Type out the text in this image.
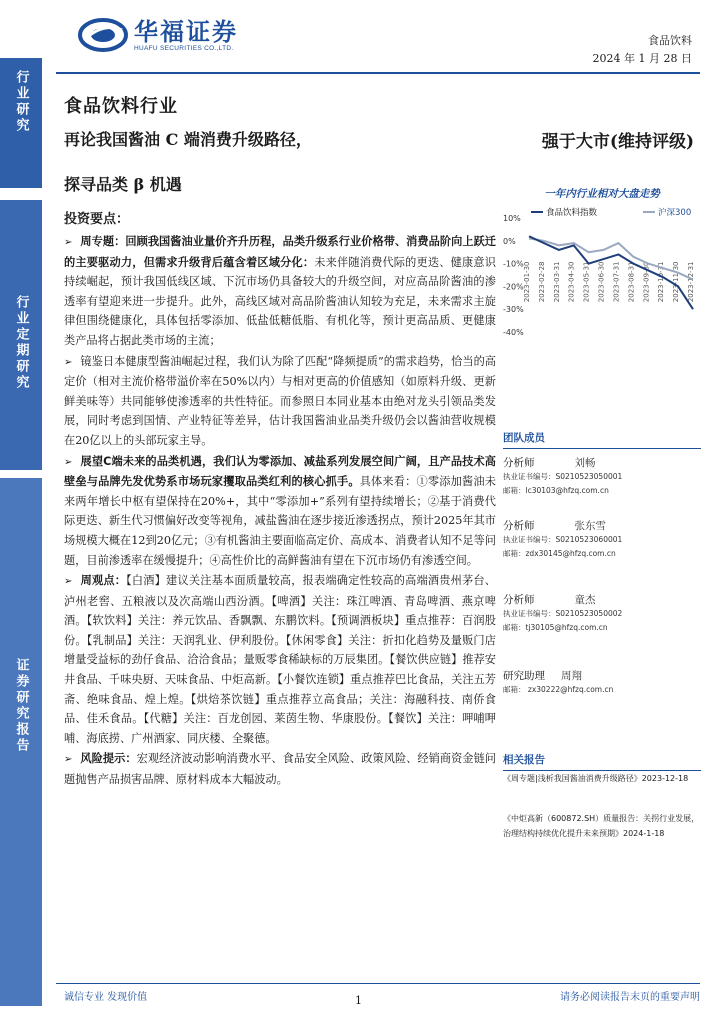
行业研究
行业定期研究
证券研究报告
华福证券
HUAFU SECURITIES CO.,LTD.
食品饮料
2024 年 1 月 28 日
食品饮料行业
再论我国酱油 C 端消费升级路径，
探寻品类 β 机遇
强于大市(维持评级)
投资要点：

➢ 周专题：回顾我国酱油业量价齐升历程，品类升级系行业价格带、消费品阶向上跃迁的主要驱动力，但需求升级背后蕴含着区域分化：未来伴随消费代际的更迭、健康意识持续崛起，预计我国低线区域、下沉市场仍具备较大的升级空间，对应高品阶酱油的渗透率有望迎来进一步提升。此外，高线区域对高品阶酱油认知较为充足，未来需求主旋律但围绕健康化，具体包括零添加、低盐低糖低脂、有机化等，预计更高品质、更健康类产品将占据此类市场的主流；

➢ 镜鉴日本健康型酱油崛起过程，我们认为除了匹配“降频提质”的需求趋势，恰当的高定价（相对主流价格带溢价率在50%以内）与相对更高的价值感知（如原料升级、更新鲜美味等）共同能够使渗透率的共性特征。而参照日本同业基本由绝对龙头引领品类发展，同时考虑到国情、产业特征等差异，估计我国酱油业品类升级仍会以酱油营收规模在20亿以上的头部玩家主导。

➢ 展望C端未来的品类机遇，我们认为零添加、减盐系列发展空间广阔，且产品技术高壁垒与品牌先发优势系市场玩家攫取品类红利的核心抓手。具体来看：①零添加酱油未来两年增长中枢有望保持在20%+，其中“零添加+”系列有望持续增长；②基于消费代际更迭、新生代习惯偏好改变等视角，减盐酱油在逐步接近渗透拐点，预计2025年其市场规模大概在12到20亿元；③有机酱油主要面临高定价、高成本、消费者认知不足等问题，目前渗透率在缓慢提升；④高性价比的高鲜酱油有望在下沉市场仍有渗透空间。

➢ 周观点：【白酒】建议关注基本面质量较高，报表端确定性较高的高端酒贵州茅台、泸州老窖、五粮液以及次高端山西汾酒。【啤酒】关注：珠江啤酒、青岛啤酒、燕京啤酒。【软饮料】关注：养元饮品、香飘飘、东鹏饮料。【预调酒板块】重点推荐：百润股份。【乳制品】关注：天润乳业、伊利股份。【休闲零食】关注：折扣化趋势及量贩门店增量受益标的劲仔食品、洽洽食品；量贩零食稀缺标的万辰集团。【餐饮供应链】推荐安井食品、千味央厨、天味食品、中炬高新。【小餐饮连锁】重点推荐巴比食品，关注五芳斋、绝味食品、煌上煌。【烘焙茶饮链】重点推荐立高食品；关注：海融科技、南侨食品、佳禾食品。【代糖】关注：百龙创园、莱茵生物、华康股份。【餐饮】关注：呷哺呷哺、海底捞、广州酒家、同庆楼、全聚德。

➢ 风险提示：宏观经济波动影响消费水平、食品安全风险、政策风险、经销商资金链问题抛售产品损害品牌、原材料成本大幅波动。

一年内行业相对大盘走势
10%
0%
-10%
-20%
-30%
-40%
2023-01-30 2023-02-28 2023-03-31 2023-04-30 2023-05-31 2023-06-30 2023-07-31 2023-08-31 2023-09-30 2023-10-31 2023-11-30 2023-12-31
食品饮料指数	沪深300
团队成员
分析师	刘畅
执业证书编号：S0210523050001
邮箱：lc30103@hfzq.com.cn
分析师	张东雪
执业证书编号：S0210523060001
邮箱：zdx30145@hfzq.com.cn
分析师	童杰
执业证书编号：S0210523050002
邮箱：tj30105@hfzq.com.cn
研究助理 周翔
邮箱： zx30222@hfzq.com.cn
相关报告
《周专题|浅析我国酱油消费升级路径》2023-12-18
《中炬高新（600872.SH）质量报告：关拐行业发展，治理结构持续优化提升未来预期》2024-1-18
诚信专业 发现价值	1	请务必阅读报告末页的重要声明
